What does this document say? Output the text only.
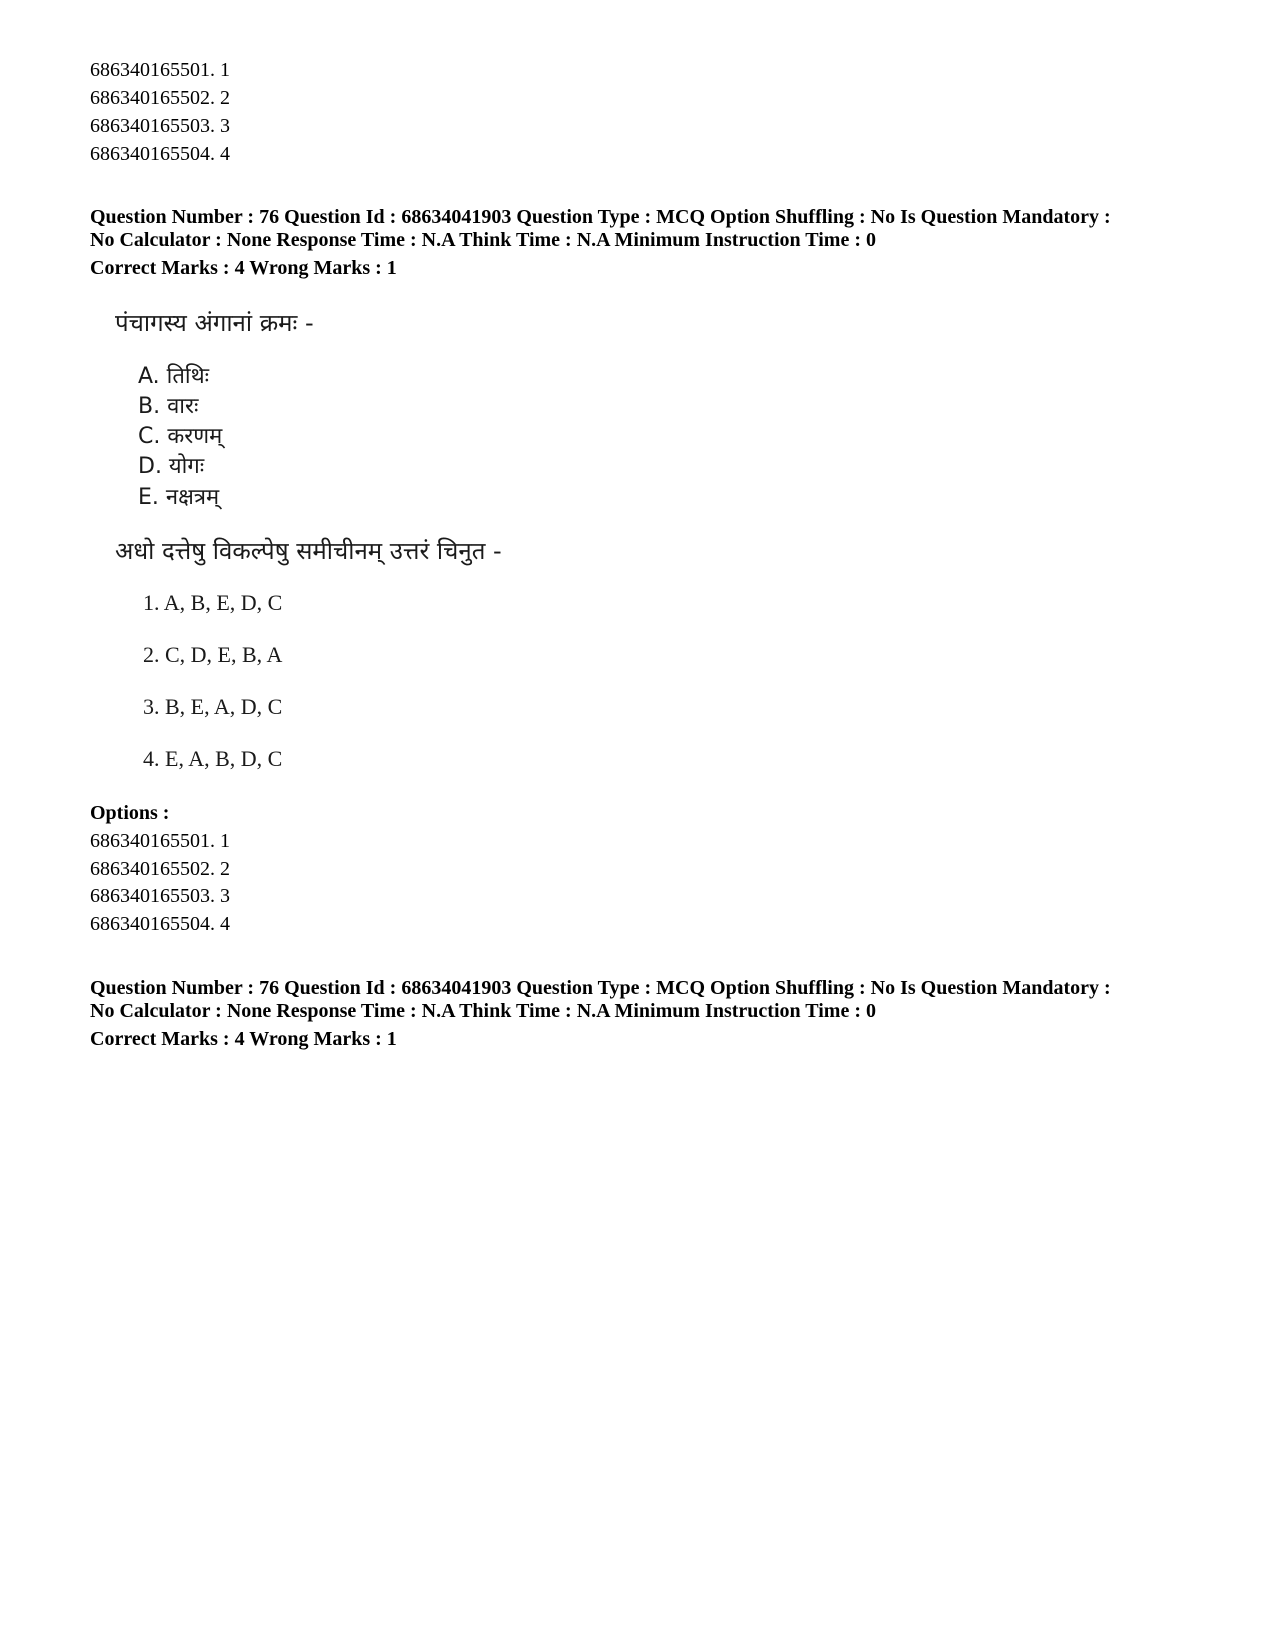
686340165501. 1
686340165502. 2
686340165503. 3
686340165504. 4
Question Number : 76 Question Id : 68634041903 Question Type : MCQ Option Shuffling : No Is Question Mandatory :
No Calculator : None Response Time : N.A Think Time : N.A Minimum Instruction Time : 0
Correct Marks : 4 Wrong Marks : 1
पंचागस्य अंगानां क्रमः -
A. तिथिः
B. वारः
C. करणम्
D. योगः
E. नक्षत्रम्
अधो दत्तेषु विकल्पेषु समीचीनम् उत्तरं चिनुत -
1. A, B, E, D, C
2. C, D, E, B, A
3. B, E, A, D, C
4. E, A, B, D, C
Options :
686340165501. 1
686340165502. 2
686340165503. 3
686340165504. 4
Question Number : 76 Question Id : 68634041903 Question Type : MCQ Option Shuffling : No Is Question Mandatory :
No Calculator : None Response Time : N.A Think Time : N.A Minimum Instruction Time : 0
Correct Marks : 4 Wrong Marks : 1
